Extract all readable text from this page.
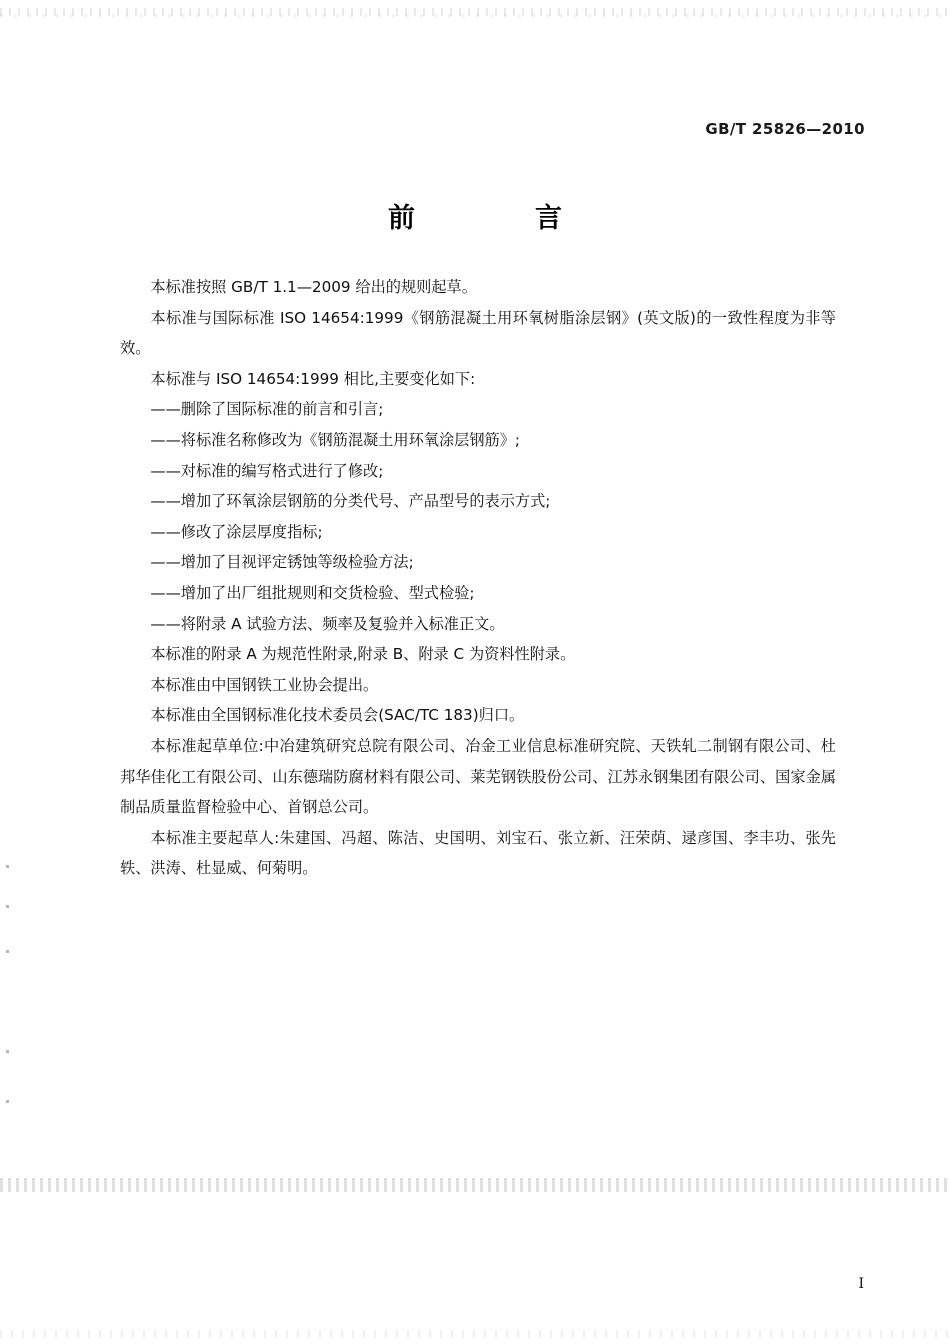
GB/T 25826—2010
前　　言

本标准按照 GB/T 1.1—2009 给出的规则起草。

本标准与国际标准 ISO 14654:1999《钢筋混凝土用环氧树脂涂层钢》(英文版)的一致性程度为非等效。

本标准与 ISO 14654:1999 相比,主要变化如下:

——删除了国际标准的前言和引言;

——将标准名称修改为《钢筋混凝土用环氧涂层钢筋》;

——对标准的编写格式进行了修改;

——增加了环氧涂层钢筋的分类代号、产品型号的表示方式;

——修改了涂层厚度指标;

——增加了目视评定锈蚀等级检验方法;

——增加了出厂组批规则和交货检验、型式检验;

——将附录 A 试验方法、频率及复验并入标准正文。

本标准的附录 A 为规范性附录,附录 B、附录 C 为资料性附录。

本标准由中国钢铁工业协会提出。

本标准由全国钢标准化技术委员会(SAC/TC 183)归口。

本标准起草单位:中冶建筑研究总院有限公司、冶金工业信息标准研究院、天铁轧二制钢有限公司、杜邦华佳化工有限公司、山东德瑞防腐材料有限公司、莱芜钢铁股份公司、江苏永钢集团有限公司、国家金属制品质量监督检验中心、首钢总公司。

本标准主要起草人:朱建国、冯超、陈洁、史国明、刘宝石、张立新、汪荣荫、逯彦国、李丰功、张先轶、洪涛、杜显威、何菊明。

Ⅰ
